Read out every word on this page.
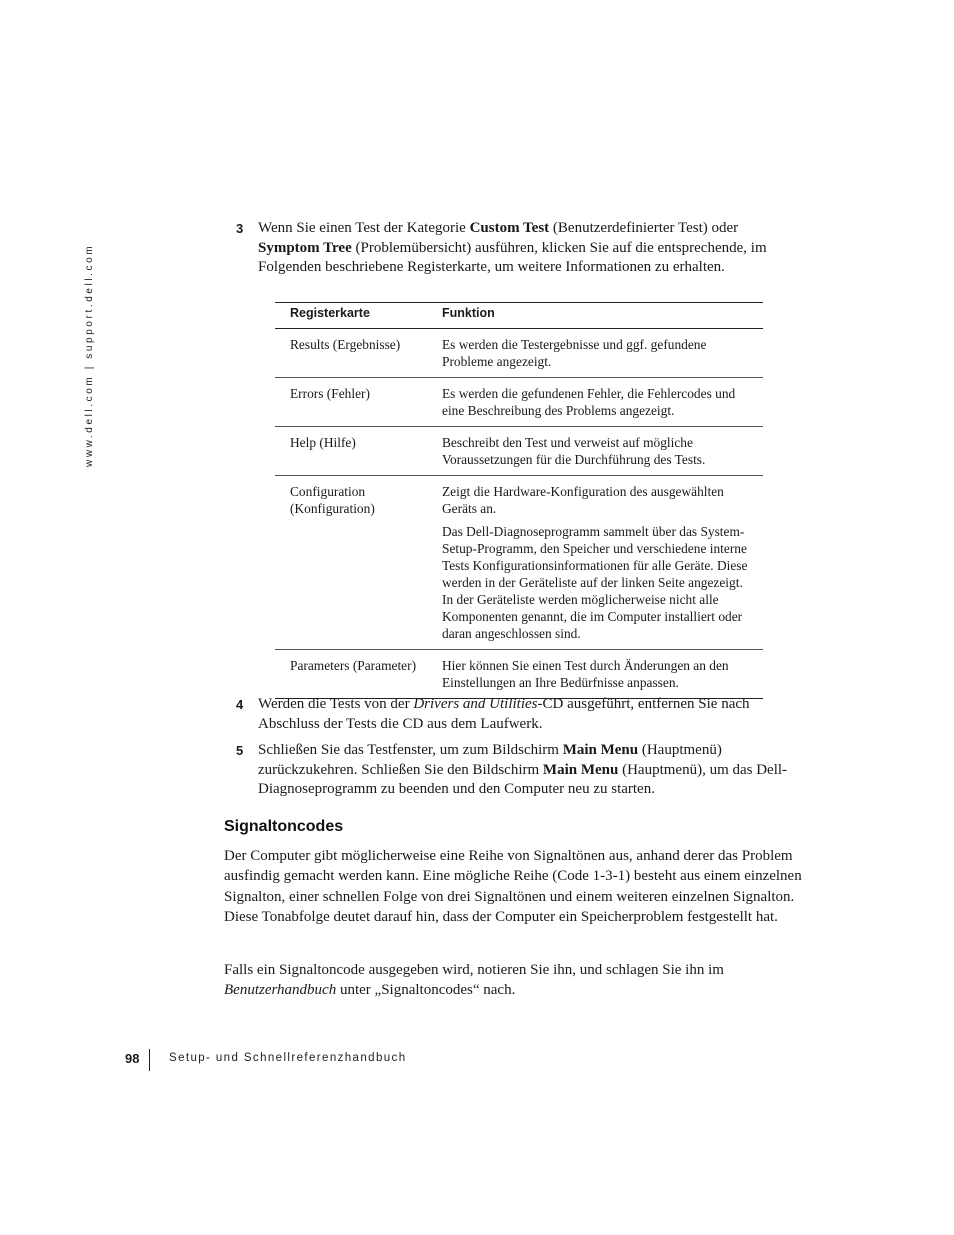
www.dell.com | support.dell.com
3 Wenn Sie einen Test der Kategorie Custom Test (Benutzerdefinierter Test) oder Symptom Tree (Problemübersicht) ausführen, klicken Sie auf die entsprechende, im Folgenden beschriebene Registerkarte, um weitere Informationen zu erhalten.
Registerkarte	Funktion
Results (Ergebnisse)	Es werden die Testergebnisse und ggf. gefundene Probleme angezeigt.
Errors (Fehler)	Es werden die gefundenen Fehler, die Fehlercodes und eine Beschreibung des Problems angezeigt.
Help (Hilfe)	Beschreibt den Test und verweist auf mögliche Voraussetzungen für die Durchführung des Tests.
Configuration (Konfiguration)	Zeigt die Hardware-Konfiguration des ausgewählten Geräts an.
Das Dell-Diagnoseprogramm sammelt über das System-Setup-Programm, den Speicher und verschiedene interne Tests Konfigurationsinformationen für alle Geräte. Diese werden in der Geräteliste auf der linken Seite angezeigt. In der Geräteliste werden möglicherweise nicht alle Komponenten genannt, die im Computer installiert oder daran angeschlossen sind.

Parameters (Parameter)	Hier können Sie einen Test durch Änderungen an den Einstellungen an Ihre Bedürfnisse anpassen.
4 Werden die Tests von der Drivers and Utilities-CD ausgeführt, entfernen Sie nach Abschluss der Tests die CD aus dem Laufwerk.
5 Schließen Sie das Testfenster, um zum Bildschirm Main Menu (Hauptmenü) zurückzukehren. Schließen Sie den Bildschirm Main Menu (Hauptmenü), um das Dell-Diagnoseprogramm zu beenden und den Computer neu zu starten.
Signaltoncodes

Der Computer gibt möglicherweise eine Reihe von Signaltönen aus, anhand derer das Problem ausfindig gemacht werden kann. Eine mögliche Reihe (Code 1-3-1) besteht aus einem einzelnen Signalton, einer schnellen Folge von drei Signaltönen und einem weiteren einzelnen Signalton. Diese Tonabfolge deutet darauf hin, dass der Computer ein Speicherproblem festgestellt hat.

Falls ein Signaltoncode ausgegeben wird, notieren Sie ihn, und schlagen Sie ihn im Benutzerhandbuch unter „Signaltoncodes“ nach.

98	Setup- und Schnellreferenzhandbuch
